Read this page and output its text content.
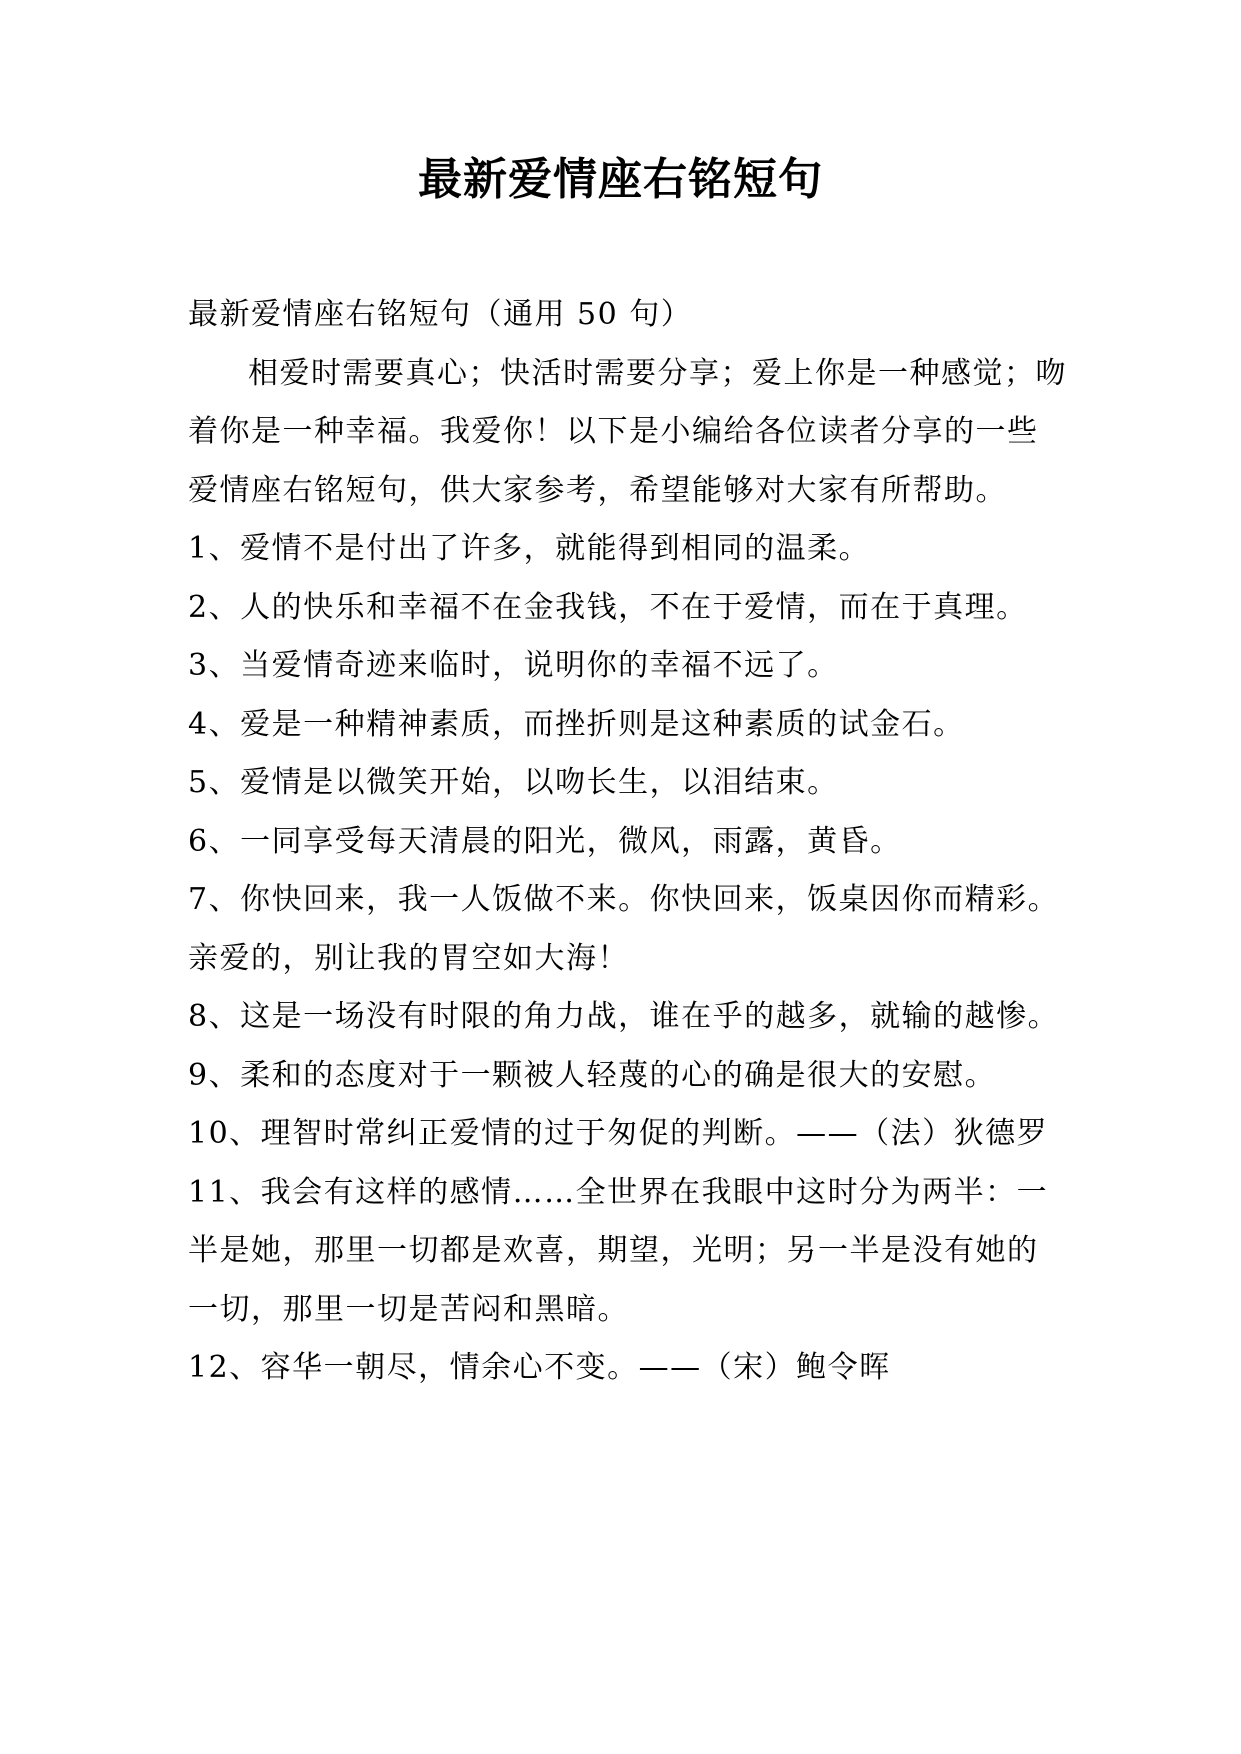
最新爱情座右铭短句

最新爱情座右铭短句（通用 50 句）

相爱时需要真心；快活时需要分享；爱上你是一种感觉；吻着你是一种幸福。我爱你！以下是小编给各位读者分享的一些爱情座右铭短句，供大家参考，希望能够对大家有所帮助。

1、爱情不是付出了许多，就能得到相同的温柔。

2、人的快乐和幸福不在金我钱，不在于爱情，而在于真理。

3、当爱情奇迹来临时，说明你的幸福不远了。

4、爱是一种精神素质，而挫折则是这种素质的试金石。

5、爱情是以微笑开始，以吻长生，以泪结束。

6、一同享受每天清晨的阳光，微风，雨露，黄昏。

7、你快回来，我一人饭做不来。你快回来，饭桌因你而精彩。亲爱的，别让我的胃空如大海！

8、这是一场没有时限的角力战，谁在乎的越多，就输的越惨。

9、柔和的态度对于一颗被人轻蔑的心的确是很大的安慰。

10、理智时常纠正爱情的过于匆促的判断。——（法）狄德罗

11、我会有这样的感情……全世界在我眼中这时分为两半：一半是她，那里一切都是欢喜，期望，光明；另一半是没有她的一切，那里一切是苦闷和黑暗。

12、容华一朝尽，情余心不变。——（宋）鲍令晖
